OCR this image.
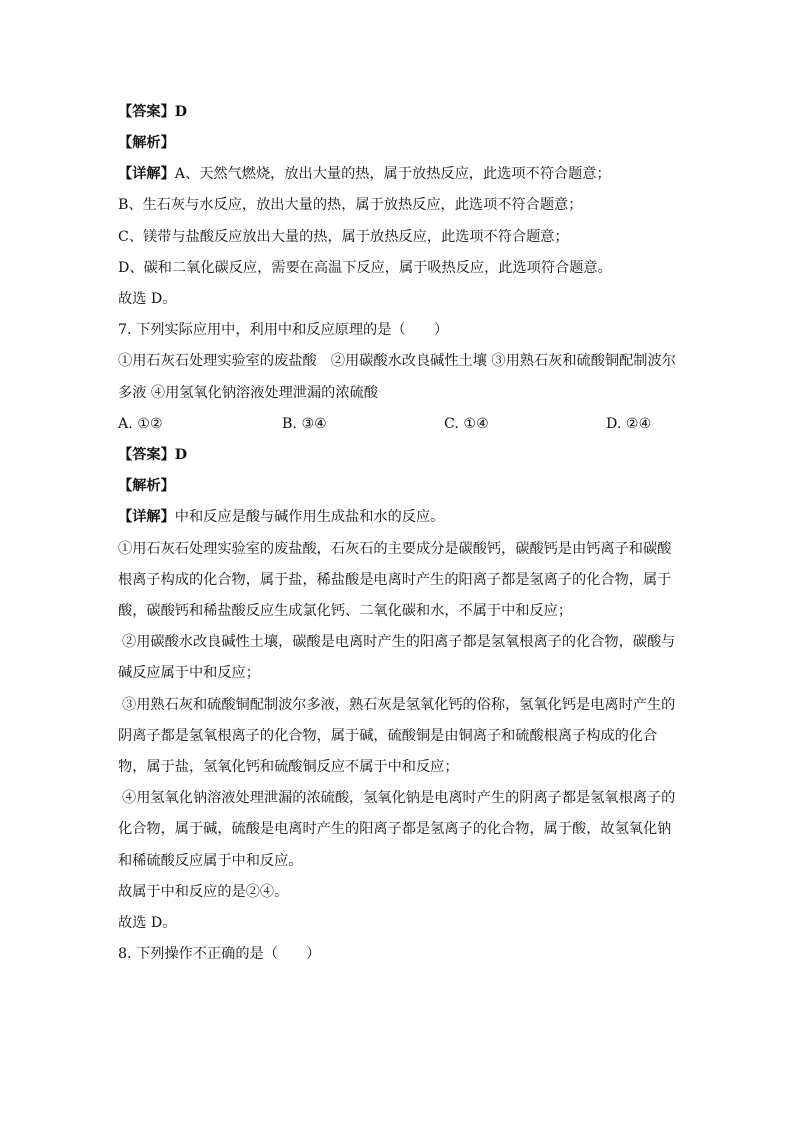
【答案】D
【解析】
【详解】A、天然气燃烧，放出大量的热，属于放热反应，此选项不符合题意；
B、生石灰与水反应，放出大量的热，属于放热反应，此选项不符合题意；
C、镁带与盐酸反应放出大量的热，属于放热反应，此选项不符合题意；
D、碳和二氧化碳反应，需要在高温下反应，属于吸热反应，此选项符合题意。
故选 D。
7. 下列实际应用中，利用中和反应原理的是（　　）
①用石灰石处理实验室的废盐酸　②用碳酸水改良碱性土壤 ③用熟石灰和硫酸铜配制波尔
多液 ④用氢氧化钠溶液处理泄漏的浓硫酸
A. ①②	B. ③④	C. ①④	D. ②④
【答案】D
【解析】
【详解】中和反应是酸与碱作用生成盐和水的反应。
①用石灰石处理实验室的废盐酸，石灰石的主要成分是碳酸钙，碳酸钙是由钙离子和碳酸
根离子构成的化合物，属于盐，稀盐酸是电离时产生的阳离子都是氢离子的化合物，属于
酸，碳酸钙和稀盐酸反应生成氯化钙、二氧化碳和水，不属于中和反应；
②用碳酸水改良碱性土壤，碳酸是电离时产生的阳离子都是氢氧根离子的化合物，碳酸与
碱反应属于中和反应；
③用熟石灰和硫酸铜配制波尔多液，熟石灰是氢氧化钙的俗称，氢氧化钙是电离时产生的
阴离子都是氢氧根离子的化合物，属于碱，硫酸铜是由铜离子和硫酸根离子构成的化合
物，属于盐，氢氧化钙和硫酸铜反应不属于中和反应；
④用氢氧化钠溶液处理泄漏的浓硫酸，氢氧化钠是电离时产生的阴离子都是氢氧根离子的
化合物，属于碱，硫酸是电离时产生的阳离子都是氢离子的化合物，属于酸，故氢氧化钠
和稀硫酸反应属于中和反应。
故属于中和反应的是②④。
故选 D。
8. 下列操作不正确的是（　　）
